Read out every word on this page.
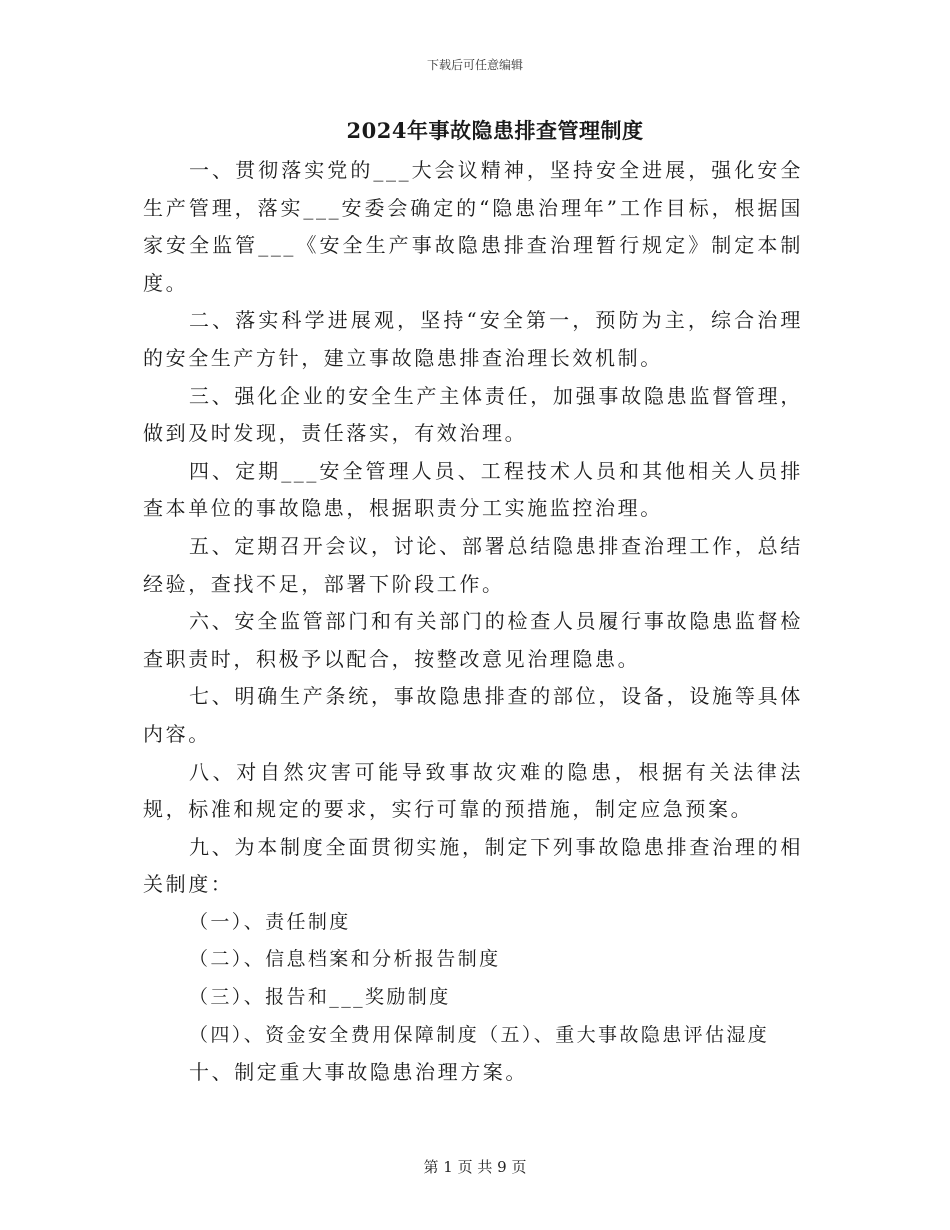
下载后可任意编辑
2024年事故隐患排查管理制度

一、贯彻落实党的___大会议精神，坚持安全进展，强化安全生产管理，落实___安委会确定的“隐患治理年”工作目标，根据国家安全监管___《安全生产事故隐患排查治理暂行规定》制定本制度。

二、落实科学进展观，坚持“安全第一，预防为主，综合治理的安全生产方针，建立事故隐患排查治理长效机制。

三、强化企业的安全生产主体责任，加强事故隐患监督管理，做到及时发现，责任落实，有效治理。

四、定期___安全管理人员、工程技术人员和其他相关人员排查本单位的事故隐患，根据职责分工实施监控治理。

五、定期召开会议，讨论、部署总结隐患排查治理工作，总结经验，查找不足，部署下阶段工作。

六、安全监管部门和有关部门的检查人员履行事故隐患监督检查职责时，积极予以配合，按整改意见治理隐患。

七、明确生产条统，事故隐患排查的部位，设备，设施等具体内容。

八、对自然灾害可能导致事故灾难的隐患，根据有关法律法规，标准和规定的要求，实行可靠的预措施，制定应急预案。

九、为本制度全面贯彻实施，制定下列事故隐患排查治理的相关制度：

（一）、责任制度

（二）、信息档案和分析报告制度

（三）、报告和___奖励制度

（四）、资金安全费用保障制度（五）、重大事故隐患评估湿度

十、制定重大事故隐患治理方案。

第 1 页 共 9 页
